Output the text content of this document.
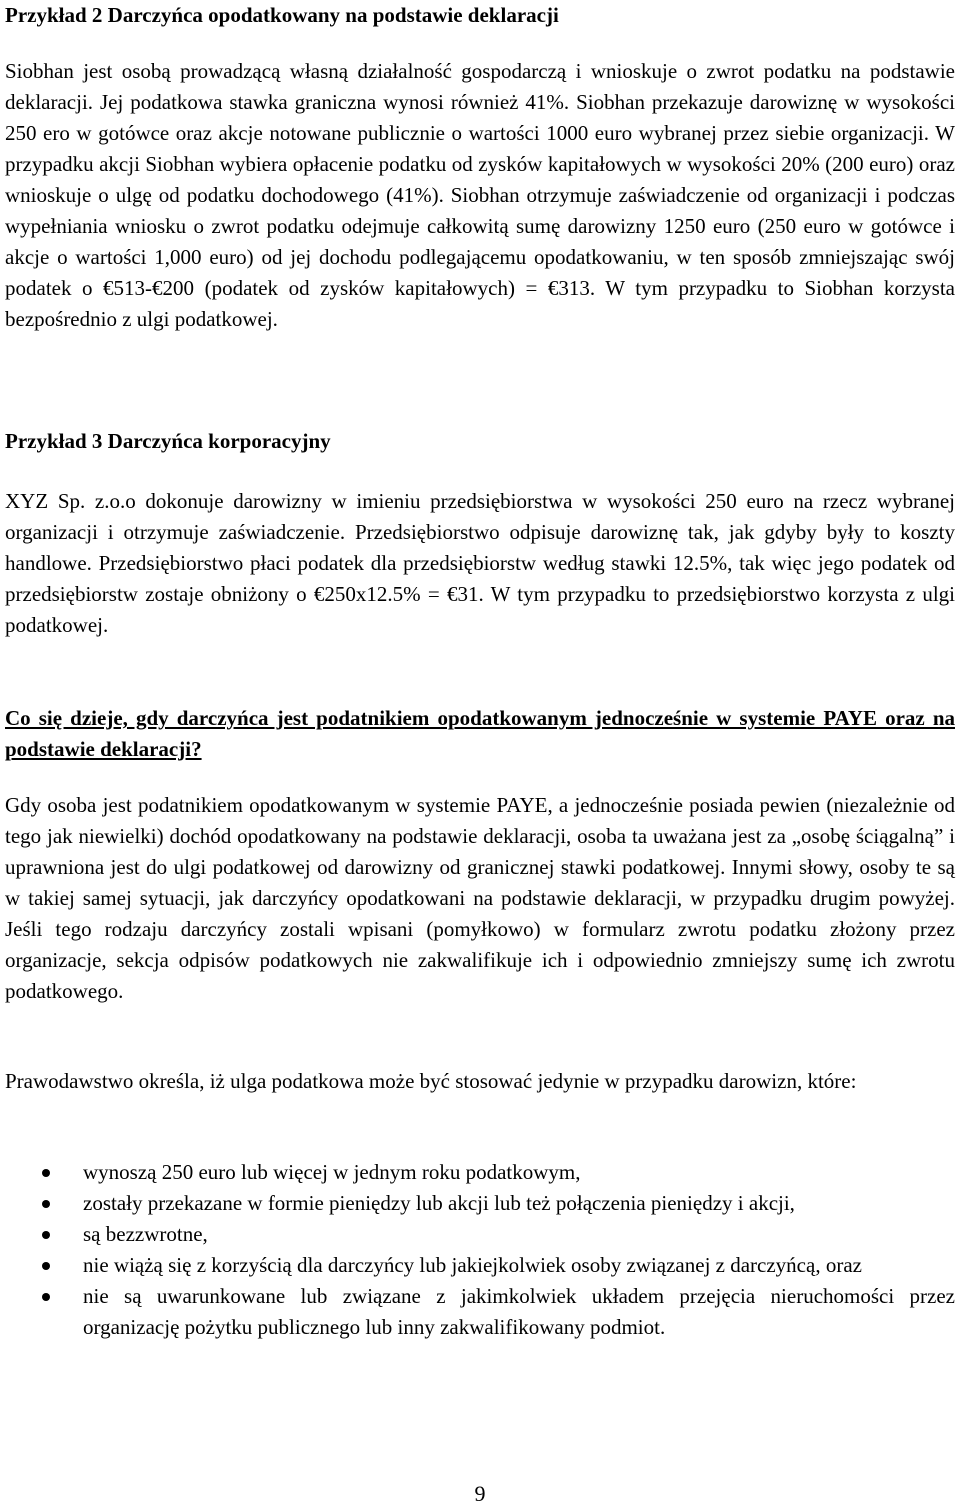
Przykład 2 Darczyńca opodatkowany na podstawie deklaracji

Siobhan jest osobą prowadzącą własną działalność gospodarczą i wnioskuje o zwrot podatku na podstawie deklaracji. Jej podatkowa stawka graniczna wynosi również 41%. Siobhan przekazuje darowiznę w wysokości 250 ero w gotówce oraz akcje notowane publicznie o wartości 1000 euro wybranej przez siebie organizacji. W przypadku akcji Siobhan wybiera opłacenie podatku od zysków kapitałowych w wysokości 20% (200 euro) oraz wnioskuje o ulgę od podatku dochodowego (41%). Siobhan otrzymuje zaświadczenie od organizacji i podczas wypełniania wniosku o zwrot podatku odejmuje całkowitą sumę darowizny 1250 euro (250 euro w gotówce i akcje o wartości 1,000 euro) od jej dochodu podlegającemu opodatkowaniu, w ten sposób zmniejszając swój podatek o €513-€200 (podatek od zysków kapitałowych) = €313. W tym przypadku to Siobhan korzysta bezpośrednio z ulgi podatkowej.

Przykład 3 Darczyńca korporacyjny

XYZ Sp. z.o.o dokonuje darowizny w imieniu przedsiębiorstwa w wysokości 250 euro na rzecz wybranej organizacji i otrzymuje zaświadczenie. Przedsiębiorstwo odpisuje darowiznę tak, jak gdyby były to koszty handlowe. Przedsiębiorstwo płaci podatek dla przedsiębiorstw według stawki 12.5%, tak więc jego podatek od przedsiębiorstw zostaje obniżony o €250x12.5% = €31. W tym przypadku to przedsiębiorstwo korzysta z ulgi podatkowej.

Co się dzieje, gdy darczyńca jest podatnikiem opodatkowanym jednocześnie w systemie PAYE oraz na podstawie deklaracji?

Gdy osoba jest podatnikiem opodatkowanym w systemie PAYE, a jednocześnie posiada pewien (niezależnie od tego jak niewielki) dochód opodatkowany na podstawie deklaracji, osoba ta uważana jest za „osobę ściągalną” i uprawniona jest do ulgi podatkowej od darowizny od granicznej stawki podatkowej. Innymi słowy, osoby te są w takiej samej sytuacji, jak darczyńcy opodatkowani na podstawie deklaracji, w przypadku drugim powyżej. Jeśli tego rodzaju darczyńcy zostali wpisani (pomyłkowo) w formularz zwrotu podatku złożony przez organizacje, sekcja odpisów podatkowych nie zakwalifikuje ich i odpowiednio zmniejszy sumę ich zwrotu podatkowego.

Prawodawstwo określa, iż ulga podatkowa może być stosować jedynie w przypadku darowizn, które:

wynoszą 250 euro lub więcej w jednym roku podatkowym,
zostały przekazane w formie pieniędzy lub akcji lub też połączenia pieniędzy i akcji,
są bezzwrotne,
nie wiążą się z korzyścią dla darczyńcy lub jakiejkolwiek osoby związanej z darczyńcą, oraz
nie są uwarunkowane lub związane z jakimkolwiek układem przejęcia nieruchomości przez organizację pożytku publicznego lub inny zakwalifikowany podmiot.
9
